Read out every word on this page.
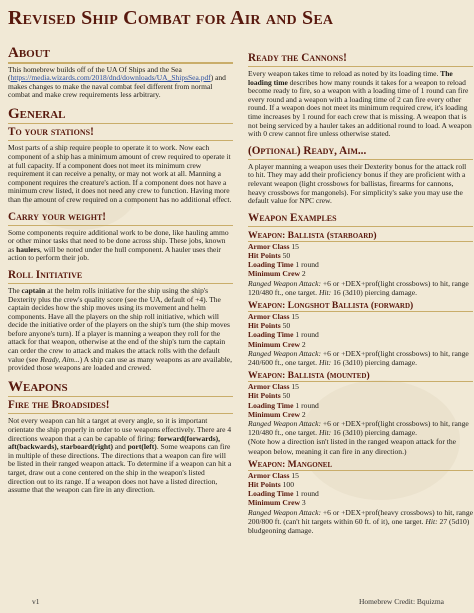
Revised Ship Combat for Air and Sea
About

This homebrew builds off of the UA Of Ships and the Sea (https://media.wizards.com/2018/dnd/downloads/UA_ShipsSea.pdf) and makes changes to make the naval combat feel different from normal combat and make crew requirements less arbitrary.

General
To your stations!

Most parts of a ship require people to operate it to work. Now each component of a ship has a minimum amount of crew required to operate it at full capacity. If a component does not meet its minimum crew requirement it can receive a penalty, or may not work at all. Manning a component requires the creature's action. If a component does not have a minimum crew listed, it does not need any crew to function. Having more than the amount of crew required on a component has no additional effect.

Carry your weight!

Some components require additional work to be done, like hauling ammo or other minor tasks that need to be done across ship. These jobs, known as haulers, will be noted under the hull component. A hauler uses their action to perform their job.

Roll Initiative

The captain at the helm rolls initiative for the ship using the ship's Dexterity plus the crew's quality score (see the UA, default of +4). The captain decides how the ship moves using its movement and helm components. Have all the players on the ship roll initiative, which will decide the initiative order of the players on the ship's turn (the ship moves before anyone's turn). If a player is manning a weapon they roll for the attack for that weapon, otherwise at the end of the ship's turn the captain can order the crew to attack and makes the attack rolls with the default value (see Ready, Aim...) A ship can use as many weapons as are available, provided those weapons are loaded and crewed.

Weapons
Fire the Broadsides!

Not every weapon can hit a target at every angle, so it is important orientate the ship properly in order to use weapons effectively. There are 4 directions weapon that a can be capable of firing: forward(forwards), aft(backwards), starboard(right) and port(left). Some weapons can fire in multiple of these directions. The directions that a weapon can fire will be listed in their ranged weapon attack. To determine if a weapon can hit a target, draw out a cone centered on the ship in the weapon's listed direction out to its range. If a weapon does not have a listed direction, assume that the weapon can fire in any direction.

Ready the Cannons!

Every weapon takes time to reload as noted by its loading time. The loading time describes how many rounds it takes for a weapon to reload become ready to fire, so a weapon with a loading time of 1 round can fire every round and a weapon with a loading time of 2 can fire every other round. If a weapon does not meet its minimum required crew, it's loading time increases by 1 round for each crew that is missing. A weapon that is not being serviced by a hauler takes an additional round to load. A weapon with 0 crew cannot fire unless otherwise stated.

(Optional) Ready, Aim...

A player manning a weapon uses their Dexterity bonus for the attack roll to hit. They may add their proficiency bonus if they are proficient with a relevant weapon (light crossbows for ballistas, firearms for cannons, heavy crossbows for mangonels). For simplicity's sake you may use the default value for NPC crew.

Weapon Examples
Weapon: Ballista (starboard)

Armor Class 15

Hit Points 50

Loading Time 1 round

Minimum Crew 2

Ranged Weapon Attack: +6 or +DEX+prof(light crossbows) to hit, range 120/480 ft., one target. Hit: 16 (3d10) piercing damage.

Weapon: Longshot Ballista (forward)

Armor Class 15

Hit Points 50

Loading Time 1 round

Minimum Crew 2

Ranged Weapon Attack: +6 or +DEX+prof(light crossbows) to hit, range 240/600 ft., one target. Hit: 16 (3d10) piercing damage.

Weapon: Ballista (mounted)

Armor Class 15

Hit Points 50

Loading Time 1 round

Minimum Crew 2

Ranged Weapon Attack: +6 or +DEX+prof(light crossbows) to hit, range 120/480 ft., one target. Hit: 16 (3d10) piercing damage.

(Note how a direction isn't listed in the ranged weapon attack for the weapon below, meaning it can fire in any direction.)

Weapon: Mangonel

Armor Class 15

Hit Points 100

Loading Time 1 round

Minimum Crew 3

Ranged Weapon Attack: +6 or +DEX+prof(heavy crossbows) to hit, range 200/800 ft. (can't hit targets within 60 ft. of it), one target. Hit: 27 (5d10) bludgeoning damage.

v1	Homebrew Credit: Bquizma
